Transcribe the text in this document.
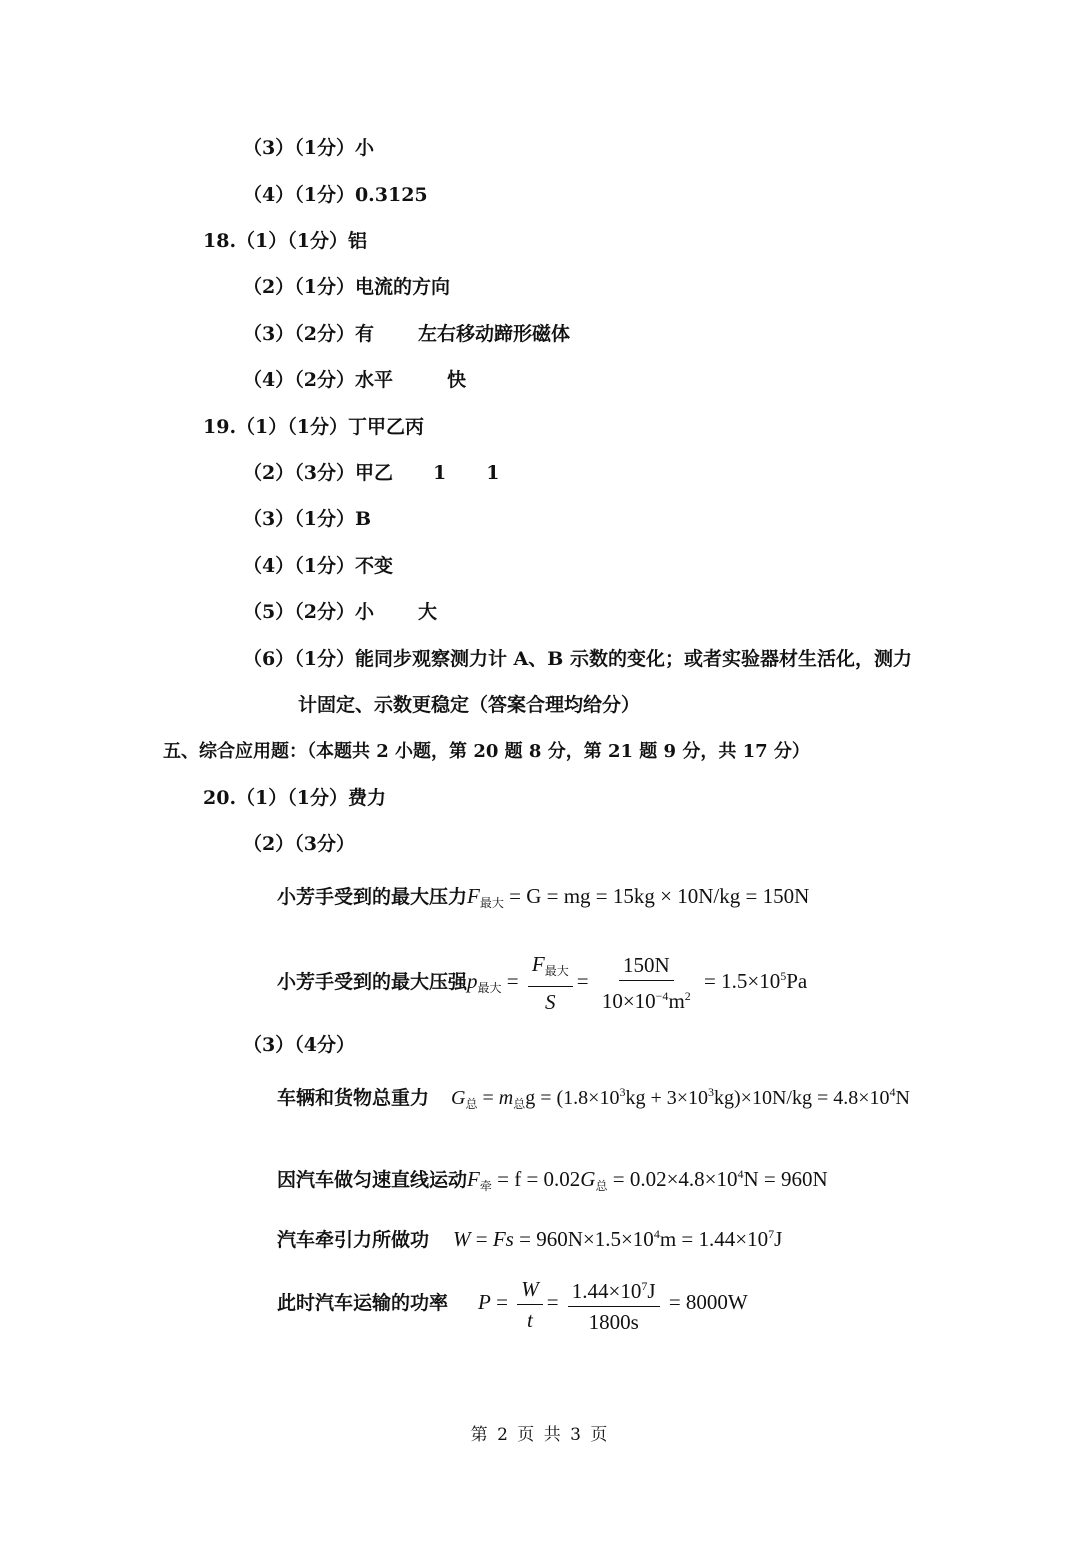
（3）（1分）小
（4）（1分）0.3125
18.（1）（1分）铝
（2）（1分）电流的方向
（3）（2分）有 左右移动蹄形磁体
（4）（2分）水平	快
19.（1）（1分）丁甲乙丙
（2）（3分）甲乙 1 1
（3）（1分）B
（4）（1分）不变
（5）（2分）小 大
（6）（1分）能同步观察测力计 A、B 示数的变化；或者实验器材生活化，测力
计固定、示数更稳定（答案合理均给分）
五、综合应用题：（本题共 2 小题，第 20 题 8 分，第 21 题 9 分，共 17 分）
20.（1）（1分）费力
（2）（3分）
小芳手受到的最大压力$F_{最大} = G$ = mg = 15kg × 10N/kg = 150N
小芳手受到的最大压强$p_{最大} = \frac{F_{最大}}{S} = \frac{150N}{10\times 10^{-4}m^2} = 1.5\times 10^5Pa$
（3）（4分）
车辆和货物总重力 $G_总 = m_总g = (1.8\times 10^3kg + 3\times 10^3kg)\times 10N/kg = 4.8\times 10^4N$
因汽车做匀速直线运动$F_牵 = f = 0.02G_总 = 0.02\times 4.8\times 10^4N = 960N$
汽车牵引力所做功 $W = Fs = 960N\times 1.5\times 10^4m = 1.44\times 10^7J$
此时汽车运输的功率 $P = \frac{W}{t} = \frac{1.44\times 10^7J}{1800s} = 8000W$
第 2 页 共 3 页
